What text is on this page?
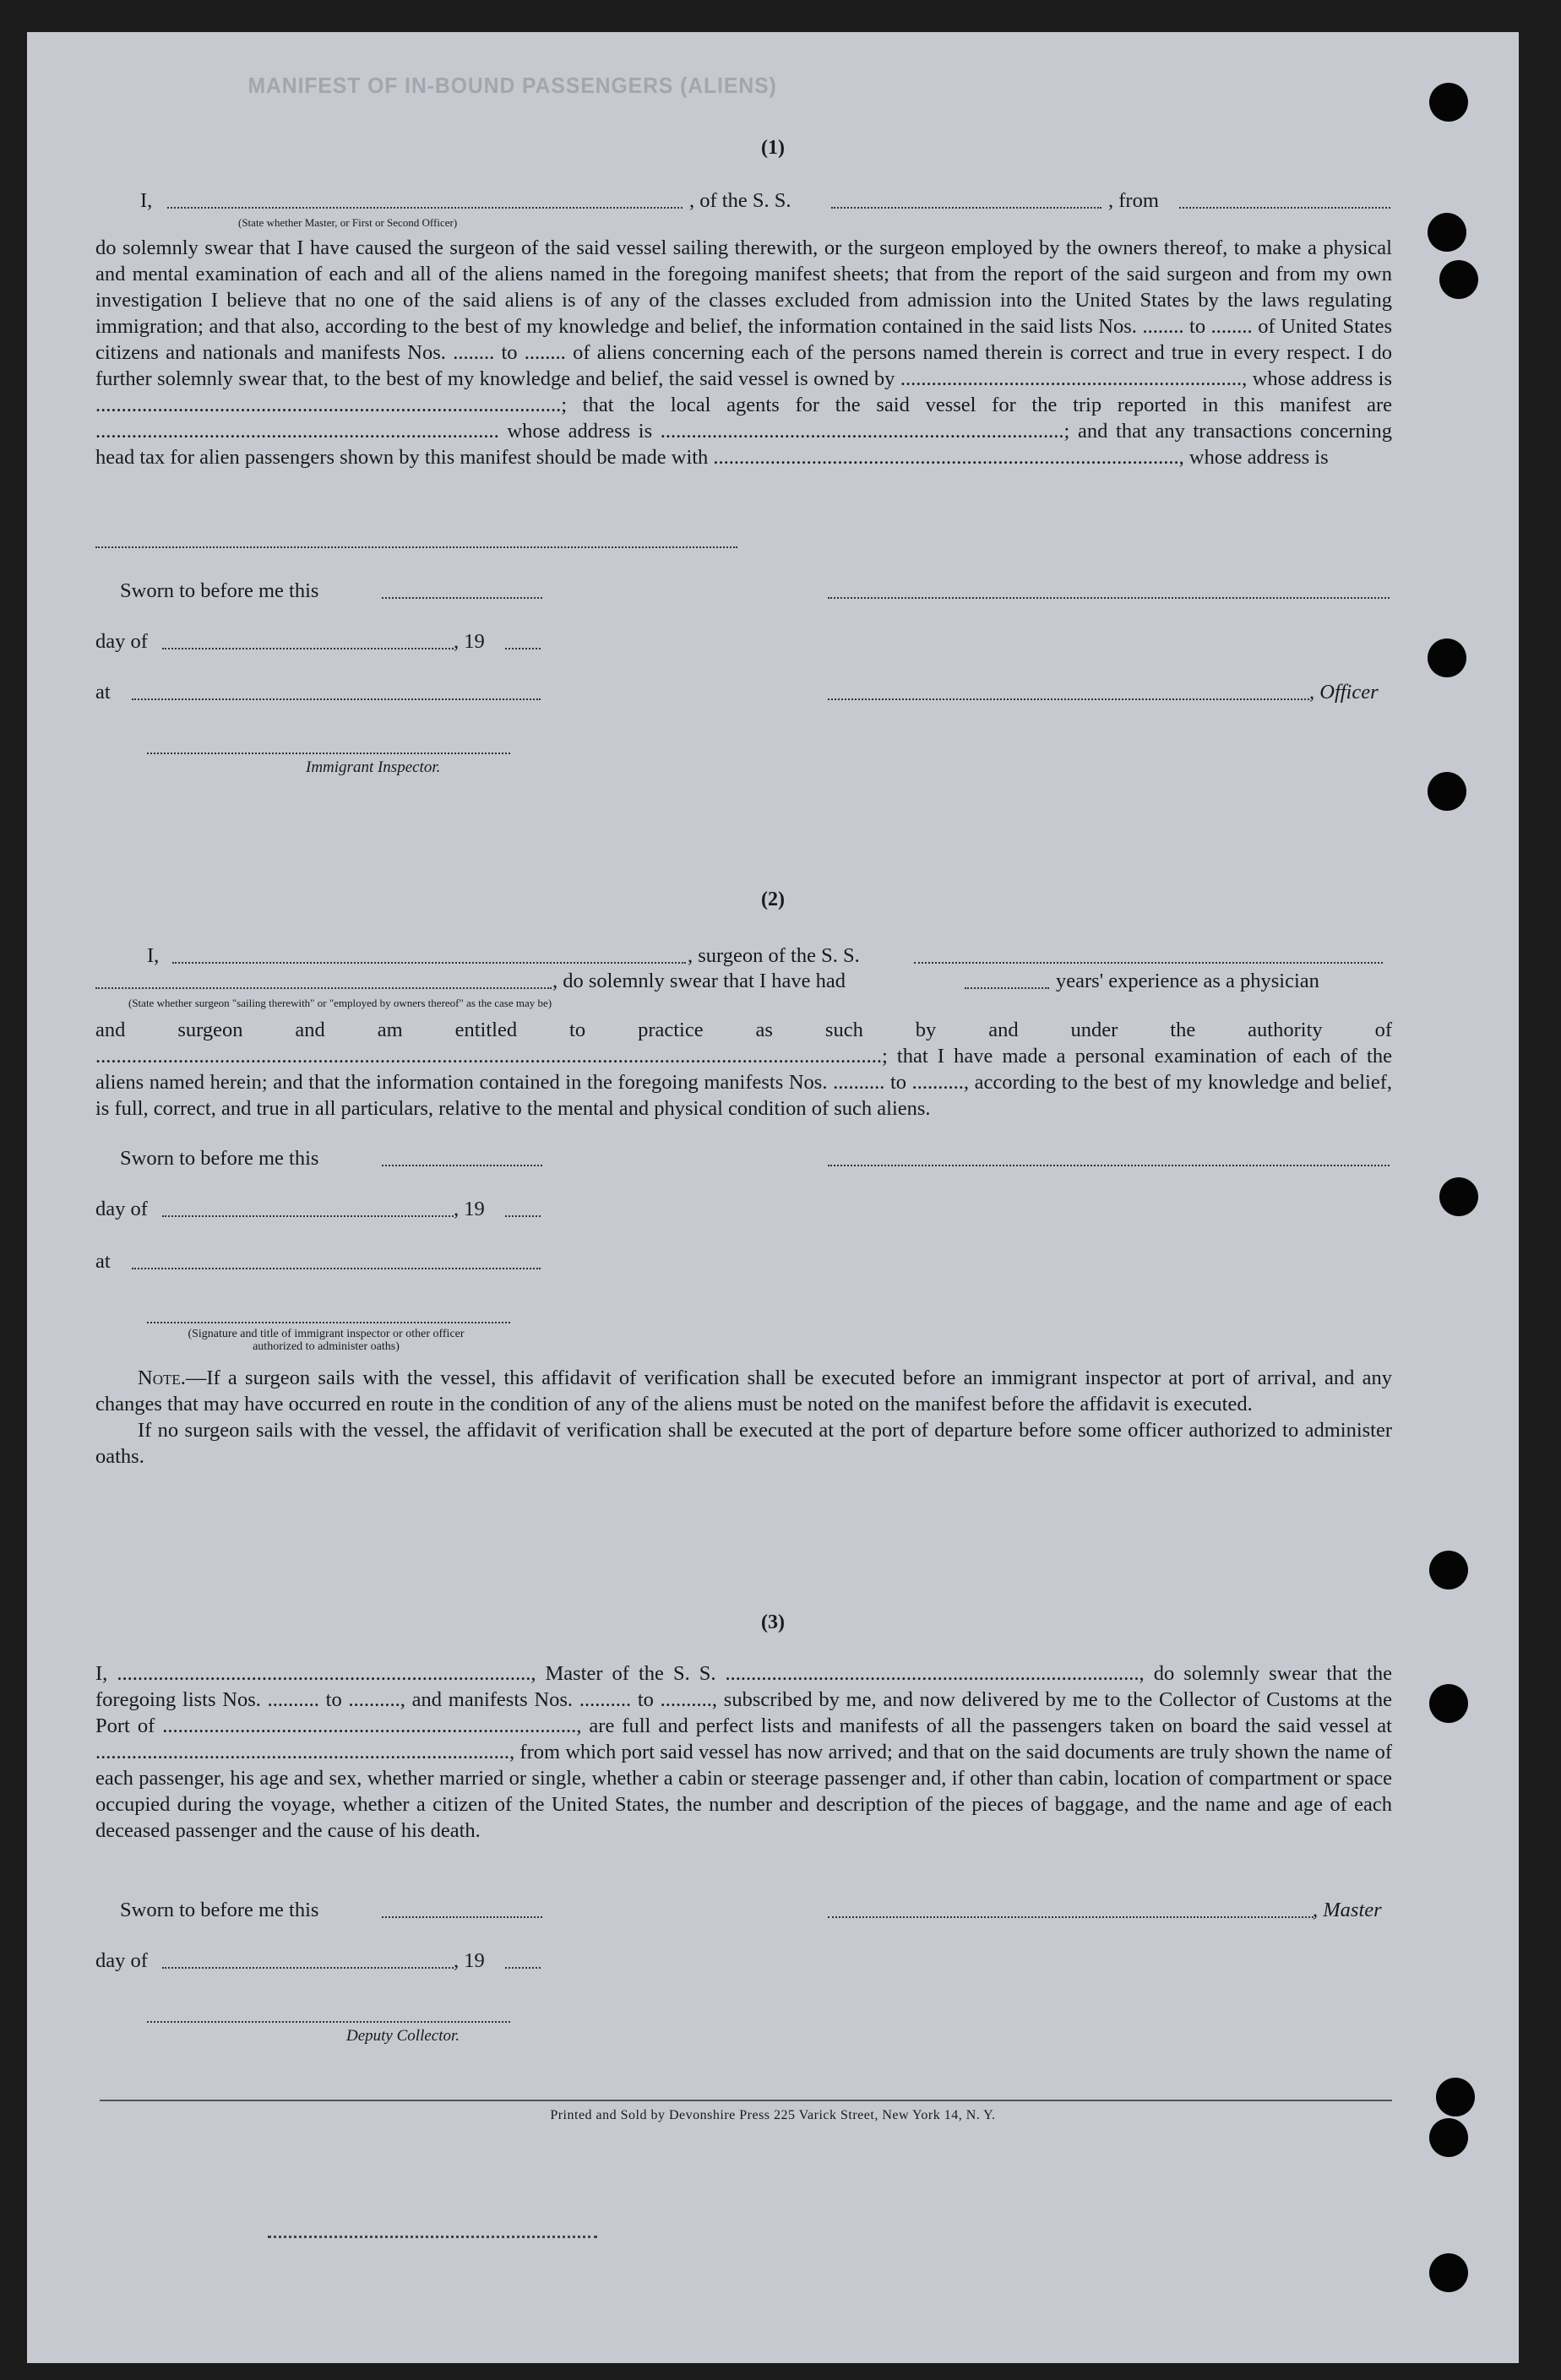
MANIFEST OF IN-BOUND PASSENGERS (ALIENS)
(1)
I,	, of the S. S.	, from
(State whether Master, or First or Second Officer)

do solemnly swear that I have caused the surgeon of the said vessel sailing therewith, or the surgeon employed by the owners thereof, to make a physical and mental examination of each and all of the aliens named in the foregoing manifest sheets; that from the report of the said surgeon and from my own investigation I believe that no one of the said aliens is of any of the classes excluded from admission into the United States by the laws regulating immigration; and that also, according to the best of my knowledge and belief, the information contained in the said lists Nos. ........ to ........ of United States citizens and nationals and manifests Nos. ........ to ........ of aliens concerning each of the persons named therein is correct and true in every respect. I do further solemnly swear that, to the best of my knowledge and belief, the said vessel is owned by .................................................................., whose address is ..........................................................................................; that the local agents for the said vessel for the trip reported in this manifest are .............................................................................. whose address is ..............................................................................; and that any transactions concerning head tax for alien passengers shown by this manifest should be made with .........................................................................................., whose address is

Sworn to before me this
day of	, 19
at	, Officer
Immigrant Inspector.
(2)
I,	, surgeon of the S. S.
, do solemnly swear that I have had	years' experience as a physician
(State whether surgeon "sailing therewith" or "employed by owners thereof" as the case may be)

and surgeon and am entitled to practice as such by and under the authority of ........................................................................................................................................................; that I have made a personal examination of each of the aliens named herein; and that the information contained in the foregoing manifests Nos. .......... to .........., according to the best of my knowledge and belief, is full, correct, and true in all particulars, relative to the mental and physical condition of such aliens.

Sworn to before me this
day of	, 19
at
(Signature and title of immigrant inspector or other officer authorized to administer oaths)

Note.—If a surgeon sails with the vessel, this affidavit of verification shall be executed before an immigrant inspector at port of arrival, and any changes that may have occurred en route in the condition of any of the aliens must be noted on the manifest before the affidavit is executed.

If no surgeon sails with the vessel, the affidavit of verification shall be executed at the port of departure before some officer authorized to administer oaths.

(3)

I, ................................................................................, Master of the S. S. ................................................................................, do solemnly swear that the foregoing lists Nos. .......... to .........., and manifests Nos. .......... to .........., subscribed by me, and now delivered by me to the Collector of Customs at the Port of ................................................................................, are full and perfect lists and manifests of all the passengers taken on board the said vessel at ................................................................................, from which port said vessel has now arrived; and that on the said documents are truly shown the name of each passenger, his age and sex, whether married or single, whether a cabin or steerage passenger and, if other than cabin, location of compartment or space occupied during the voyage, whether a citizen of the United States, the number and description of the pieces of baggage, and the name and age of each deceased passenger and the cause of his death.

Sworn to before me this	, Master
day of	, 19
Deputy Collector.
Printed and Sold by Devonshire Press 225 Varick Street, New York 14, N. Y.
